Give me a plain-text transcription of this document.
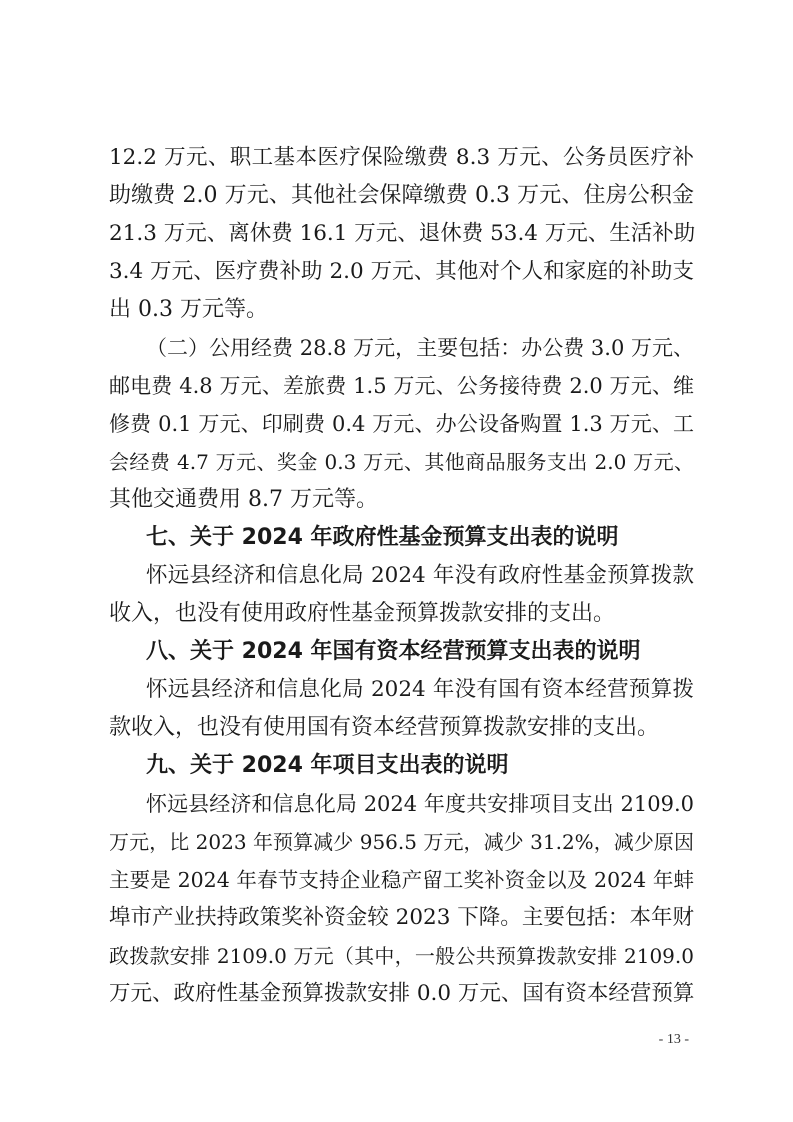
12.2 万元、职工基本医疗保险缴费 8.3 万元、公务员医疗补
助缴费 2.0 万元、其他社会保障缴费 0.3 万元、住房公积金
21.3 万元、离休费 16.1 万元、退休费 53.4 万元、生活补助
3.4 万元、医疗费补助 2.0 万元、其他对个人和家庭的补助支
出 0.3 万元等。
（二）公用经费 28.8 万元，主要包括：办公费 3.0 万元、
邮电费 4.8 万元、差旅费 1.5 万元、公务接待费 2.0 万元、维
修费 0.1 万元、印刷费 0.4 万元、办公设备购置 1.3 万元、工
会经费 4.7 万元、奖金 0.3 万元、其他商品服务支出 2.0 万元、
其他交通费用 8.7 万元等。
七、关于 2024 年政府性基金预算支出表的说明
怀远县经济和信息化局 2024 年没有政府性基金预算拨款
收入，也没有使用政府性基金预算拨款安排的支出。
八、关于 2024 年国有资本经营预算支出表的说明
怀远县经济和信息化局 2024 年没有国有资本经营预算拨
款收入，也没有使用国有资本经营预算拨款安排的支出。
九、关于 2024 年项目支出表的说明
怀远县经济和信息化局 2024 年度共安排项目支出 2109.0
万元，比 2023 年预算减少 956.5 万元，减少 31.2%，减少原因
主要是 2024 年春节支持企业稳产留工奖补资金以及 2024 年蚌
埠市产业扶持政策奖补资金较 2023 下降。主要包括：本年财
政拨款安排 2109.0 万元（其中，一般公共预算拨款安排 2109.0
万元、政府性基金预算拨款安排 0.0 万元、国有资本经营预算
- 13 -
